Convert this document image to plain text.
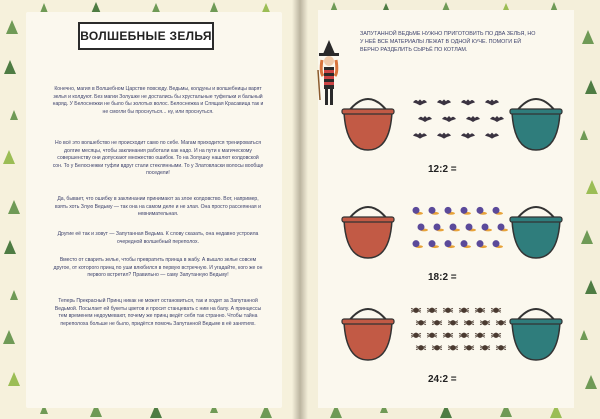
ВОЛШЕБНЫЕ ЗЕЛЬЯ
Конечно, магия в Волшебном Царстве повсюду. Ведьмы, колдуны и волшебницы варят зелья и колдуют. Без магии Золушке не достались бы хрустальные туфельки и бальный наряд. У Белоснежки не было бы золотых волос. Белоснежка и Спящая Красавица так и не смогли бы проснуться... ну, или проснуться.
Но всё это волшебство не происходит само по себе. Магам приходится тренироваться долгие месяцы, чтобы заклинания работали как надо. И на пути к магическому совершенству они допускают множество ошибок. То на Золушку нашлют колдовской сон. То у Белоснежки туфли вдруг стали стеклянными. То у Златовласки волосы вообще поседели!
Да, бывает, что ошибку в заклинании принимают за злое колдовство. Вот, например, взять хоть Злую Ведьму — так она на самом деле и не злая. Она просто рассеянная и невнимательная.
Другие её так и зовут — Запутанная Ведьма. К слову сказать, она недавно устроила очередной волшебный переполох.
Вместо от сварить зелье, чтобы превратить принца в жабу. А вышло зелье совсем другое, от которого принц по уши влюбился в первую встречную. И угадайте, кого же он первого встретил? Правильно — саму Запутанную Ведьму!
Теперь Прекрасный Принц никак не может остановиться, так и ходит за Запутанной Ведьмой. Посылает ей букеты цветов и просит станцевать с ним на балу. А принцессы тем временем недоумевают, почему же принц ведёт себя так странно. Чтобы тайна переполоха больше не было, придётся помочь Запутанной Ведьме в её занятиях.
ЗАПУТАННОЙ ВЕДЬМЕ НУЖНО ПРИГОТОВИТЬ ПО ДВА ЗЕЛЬЯ, НО У НЕЁ ВСЕ МАТЕРИАЛЫ ЛЕЖАТ В ОДНОЙ КУЧЕ. ПОМОГИ ЕЙ ВЕРНО РАЗДЕЛИТЬ СЫРЬЁ ПО КОТЛАМ.
12:2 =
18:2 =
24:2 =
